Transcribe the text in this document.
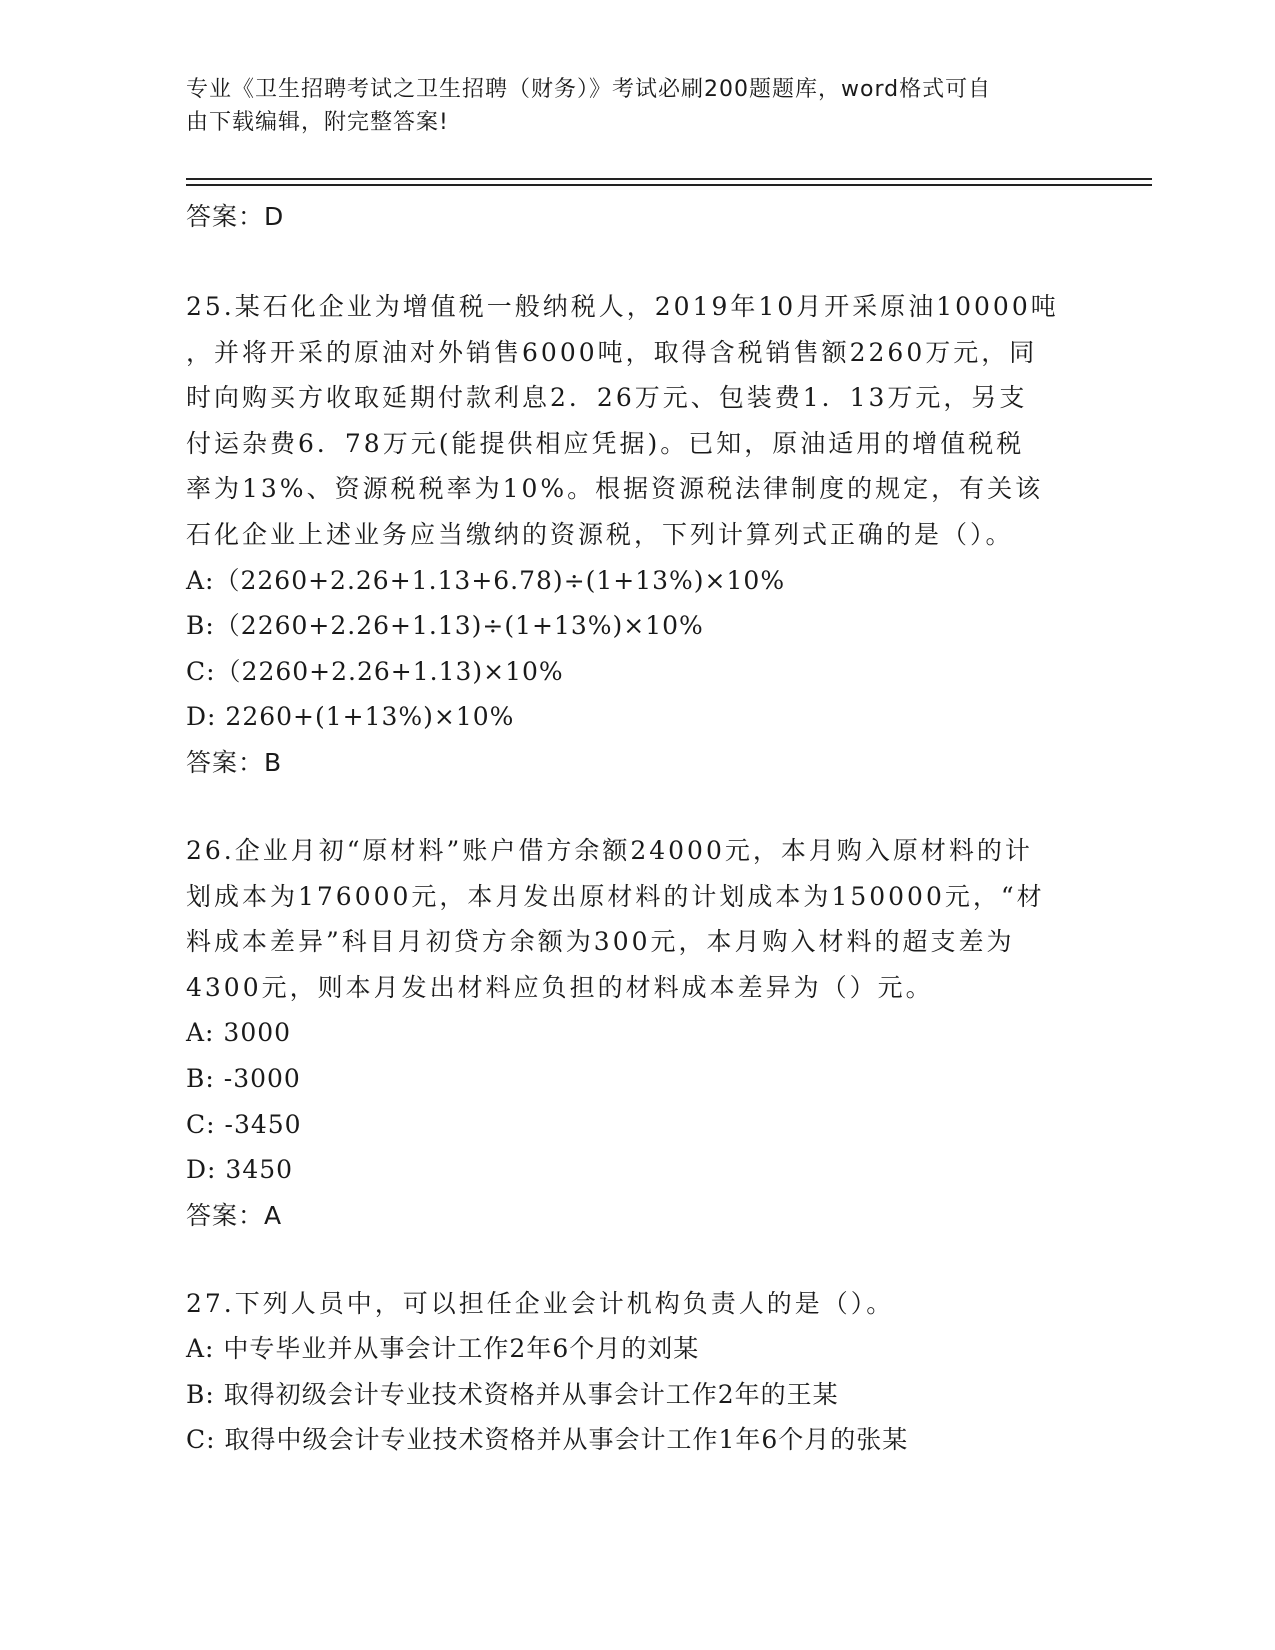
专业《卫生招聘考试之卫生招聘（财务）》考试必刷200题题库，word格式可自
由下载编辑，附完整答案!
答案：D
25.某石化企业为增值税一般纳税人，2019年10月开采原油10000吨
，并将开采的原油对外销售6000吨，取得含税销售额2260万元，同
时向购买方收取延期付款利息2．26万元、包装费1．13万元，另支
付运杂费6．78万元(能提供相应凭据)。已知，原油适用的增值税税
率为13%、资源税税率为10%。根据资源税法律制度的规定，有关该
石化企业上述业务应当缴纳的资源税，下列计算列式正确的是（）。
A:（2260+2.26+1.13+6.78)÷(1+13%)×10%
B:（2260+2.26+1.13)÷(1+13%)×10%
C:（2260+2.26+1.13)×10%
D: 2260+(1+13%)×10%
答案：B
26.企业月初“原材料”账户借方余额24000元，本月购入原材料的计
划成本为176000元，本月发出原材料的计划成本为150000元，“材
料成本差异”科目月初贷方余额为300元，本月购入材料的超支差为
4300元，则本月发出材料应负担的材料成本差异为（）元。
A: 3000
B: -3000
C: -3450
D: 3450
答案：A
27.下列人员中，可以担任企业会计机构负责人的是（）。
A: 中专毕业并从事会计工作2年6个月的刘某
B: 取得初级会计专业技术资格并从事会计工作2年的王某
C: 取得中级会计专业技术资格并从事会计工作1年6个月的张某
